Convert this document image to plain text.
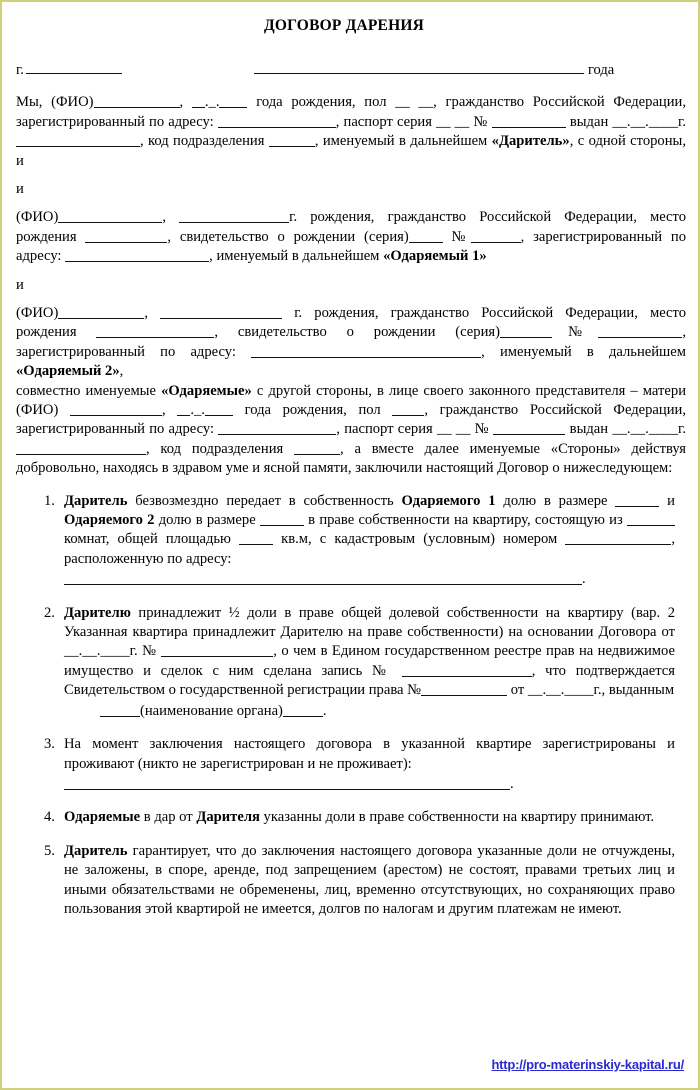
ДОГОВОР ДАРЕНИЯ
г.	года

Мы, (ФИО)	, ._. года рождения, пол __ __, гражданство Российской Федерации, зарегистрированный по адресу:	, паспорт серия __ __ №	выдан __.__.____г. , код подразделения	, именуемый в дальнейшем «Даритель», с одной стороны, и

и

(ФИО)	,	г. рождения, гражданство Российской Федерации, место рождения	, свидетельство о рождении (серия) №	, зарегистрированный по адресу:	, именуемый в дальнейшем «Одаряемый 1»

и

(ФИО)	,	г. рождения, гражданство Российской Федерации, место рождения	, свидетельство о рождении (серия)	№	, зарегистрированный по адресу:	, именуемый в дальнейшем «Одаряемый 2»,

совместно именуемые «Одаряемые» с другой стороны, в лице своего законного представителя – матери (ФИО)	, ._. года рождения, пол , гражданство Российской Федерации, зарегистрированный по адресу:	, паспорт серия __ __ №	выдан __.__.____г. , код подразделения	, а вместе далее именуемые «Стороны» действуя добровольно, находясь в здравом уме и ясной памяти, заключили настоящий Договор о нижеследующем:

Даритель безвозмездно передает в собственность Одаряемого 1 долю в размере	и Одаряемого 2 долю в размере	в праве собственности на квартиру, состоящую из  комнат, общей площадью  кв.м, с кадастровым (условным) номером	, расположенную по адресу:
.
Дарителю принадлежит ½ доли в праве общей долевой собственности на квартиру (вар. 2 Указанная квартира принадлежит Дарителю на праве собственности) на основании Договора от __.__.____г. №	, о чем в Едином государственном реестре прав на недвижимое имущество и сделок с ним сделана запись №	, что подтверждается Свидетельством о государственной регистрации права №	от __.__.____г., выданным
(наименование органа)	.
На момент заключения настоящего договора в указанной квартире зарегистрированы и проживают (никто не зарегистрирован и не проживает):
.
Одаряемые в дар от Дарителя указанны доли в праве собственности на квартиру принимают.
Даритель гарантирует, что до заключения настоящего договора указанные доли не отчуждены, не заложены, в споре, аренде, под запрещением (арестом) не состоят, правами третьих лиц и иными обязательствами не обременены, лиц, временно отсутствующих, но сохраняющих право пользования этой квартирой не имеется, долгов по налогам и другим платежам не имеют.
http://pro-materinskiy-kapital.ru/
